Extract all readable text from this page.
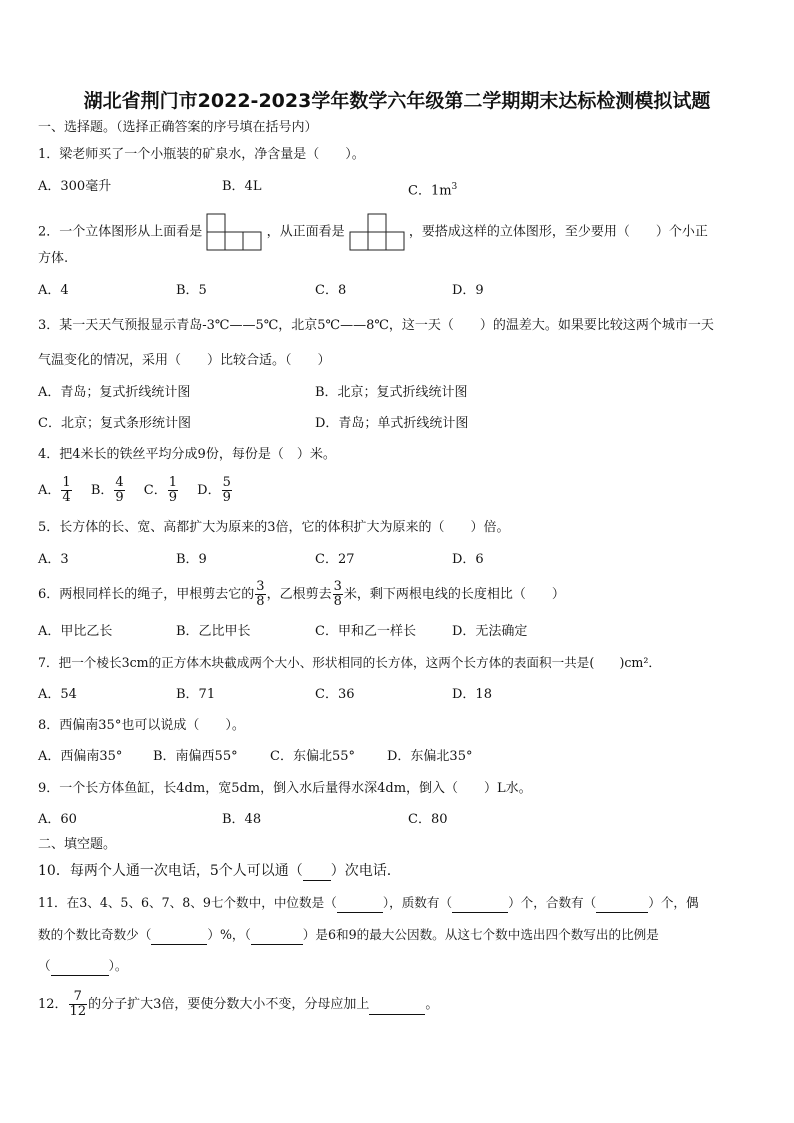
湖北省荆门市2022-2023学年数学六年级第二学期期末达标检测模拟试题
一、选择题。（选择正确答案的序号填在括号内）
1．梁老师买了一个小瓶装的矿泉水，净含量是（　　）。
A．300毫升	B．4L	C．$1m^3$
2．一个立体图形从上面看是	，从正面看是	，要搭成这样的立体图形，至少要用（　　）个小正
方体.
A．4	B．5	C．8	D．9
3．某一天天气预报显示青岛-3℃——5℃，北京5℃——8℃，这一天（　　）的温差大。如果要比较这两个城市一天
气温变化的情况，采用（　　）比较合适。（　　）
A．青岛；复式折线统计图	B．北京；复式折线统计图
C．北京；复式条形统计图	D．青岛；单式折线统计图
4．把4米长的铁丝平均分成9份，每份是（　）米。
A． $\frac{1}{4}$ B． $\frac{4}{9}$ C． $\frac{1}{9}$ D． $\frac{5}{9}$
5．长方体的长、宽、高都扩大为原来的3倍，它的体积扩大为原来的（　　）倍。
A．3	B．9	C．27	D．6
6．两根同样长的绳子，甲根剪去它的 $\frac{3}{8}$ ，乙根剪去 $\frac{3}{8}$ 米，剩下两根电线的长度相比（　　）
A．甲比乙长	B．乙比甲长	C．甲和乙一样长	D．无法确定
7．把一个棱长3cm的正方体木块截成两个大小、形状相同的长方体，这两个长方体的表面积一共是(　　)cm²．
A．54	B．71	C．36	D．18
8．西偏南35°也可以说成（　　）。
A．西偏南35° B．南偏西55° C．东偏北55° D．东偏北35°
9．一个长方体鱼缸，长4dm，宽5dm，倒入水后量得水深4dm，倒入（　　）L水。
A．60	B．48	C．80
二、填空题。
10．每两个人通一次电话，5个人可以通（ ）次电话.
11．在3、4、5、6、7、8、9七个数中，中位数是（	），质数有（	）个，合数有（	）个，偶
数的个数比奇数少（	）%，（	）是6和9的最大公因数。从这七个数中选出四个数写出的比例是
（	）。
12． $\frac{7}{12}$ 的分子扩大3倍，要使分数大小不变，分母应加上	。
